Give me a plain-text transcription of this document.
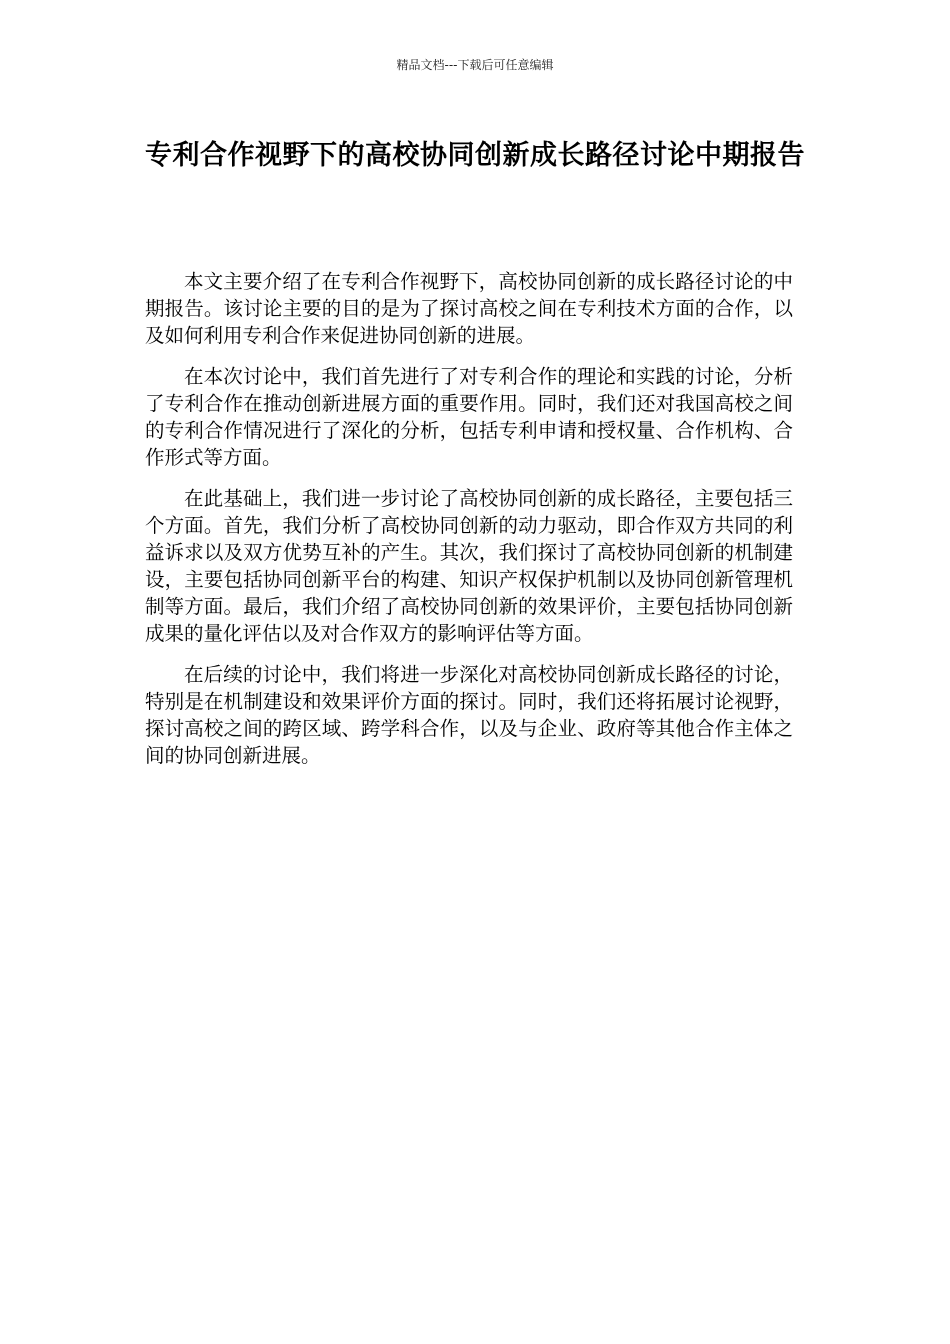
精品文档---下载后可任意编辑
专利合作视野下的高校协同创新成长路径讨论中期报告

本文主要介绍了在专利合作视野下，高校协同创新的成长路径讨论的中期报告。该讨论主要的目的是为了探讨高校之间在专利技术方面的合作，以及如何利用专利合作来促进协同创新的进展。

在本次讨论中，我们首先进行了对专利合作的理论和实践的讨论，分析了专利合作在推动创新进展方面的重要作用。同时，我们还对我国高校之间的专利合作情况进行了深化的分析，包括专利申请和授权量、合作机构、合作形式等方面。

在此基础上，我们进一步讨论了高校协同创新的成长路径，主要包括三个方面。首先，我们分析了高校协同创新的动力驱动，即合作双方共同的利益诉求以及双方优势互补的产生。其次，我们探讨了高校协同创新的机制建设，主要包括协同创新平台的构建、知识产权保护机制以及协同创新管理机制等方面。最后，我们介绍了高校协同创新的效果评价，主要包括协同创新成果的量化评估以及对合作双方的影响评估等方面。

在后续的讨论中，我们将进一步深化对高校协同创新成长路径的讨论，特别是在机制建设和效果评价方面的探讨。同时，我们还将拓展讨论视野，探讨高校之间的跨区域、跨学科合作，以及与企业、政府等其他合作主体之间的协同创新进展。
